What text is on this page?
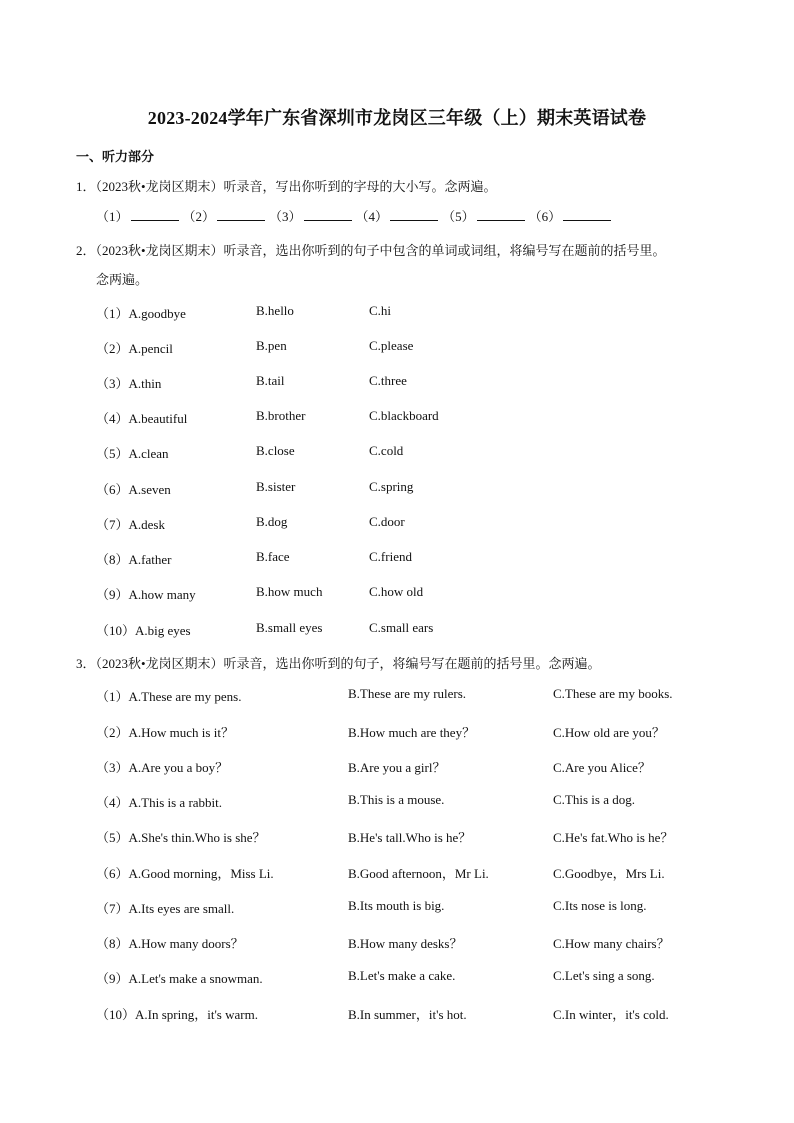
2023-2024学年广东省深圳市龙岗区三年级（上）期末英语试卷
一、听力部分
1．（2023秋•龙岗区期末）听录音，写出你听到的字母的大小写。念两遍。
（1）	（2）	（3）	（4）	（5）	（6）
2．（2023秋•龙岗区期末）听录音，选出你听到的句子中包含的单词或词组，将编号写在题前的括号里。
念两遍。
（1）A.goodbye	B.hello	C.hi
（2）A.pencil	B.pen	C.please
（3）A.thin	B.tail	C.three
（4）A.beautiful	B.brother	C.blackboard
（5）A.clean	B.close	C.cold
（6）A.seven	B.sister	C.spring
（7）A.desk	B.dog	C.door
（8）A.father	B.face	C.friend
（9）A.how many	B.how much	C.how old
（10）A.big eyes	B.small eyes	C.small ears
3．（2023秋•龙岗区期末）听录音，选出你听到的句子，将编号写在题前的括号里。念两遍。
（1）A.These are my pens.	B.These are my rulers.	C.These are my books.
（2）A.How much is it？	B.How much are they？	C.How old are you？
（3）A.Are you a boy？	B.Are you a girl？	C.Are you Alice？
（4）A.This is a rabbit.	B.This is a mouse.	C.This is a dog.
（5）A.She's thin.Who is she？	B.He's tall.Who is he？	C.He's fat.Who is he？
（6）A.Good morning，Miss Li.	B.Good afternoon，Mr Li.	C.Goodbye，Mrs Li.
（7）A.Its eyes are small.	B.Its mouth is big.	C.Its nose is long.
（8）A.How many doors？	B.How many desks？	C.How many chairs？
（9）A.Let's make a snowman.	B.Let's make a cake.	C.Let's sing a song.
（10）A.In spring，it's warm.	B.In summer，it's hot.	C.In winter，it's cold.
